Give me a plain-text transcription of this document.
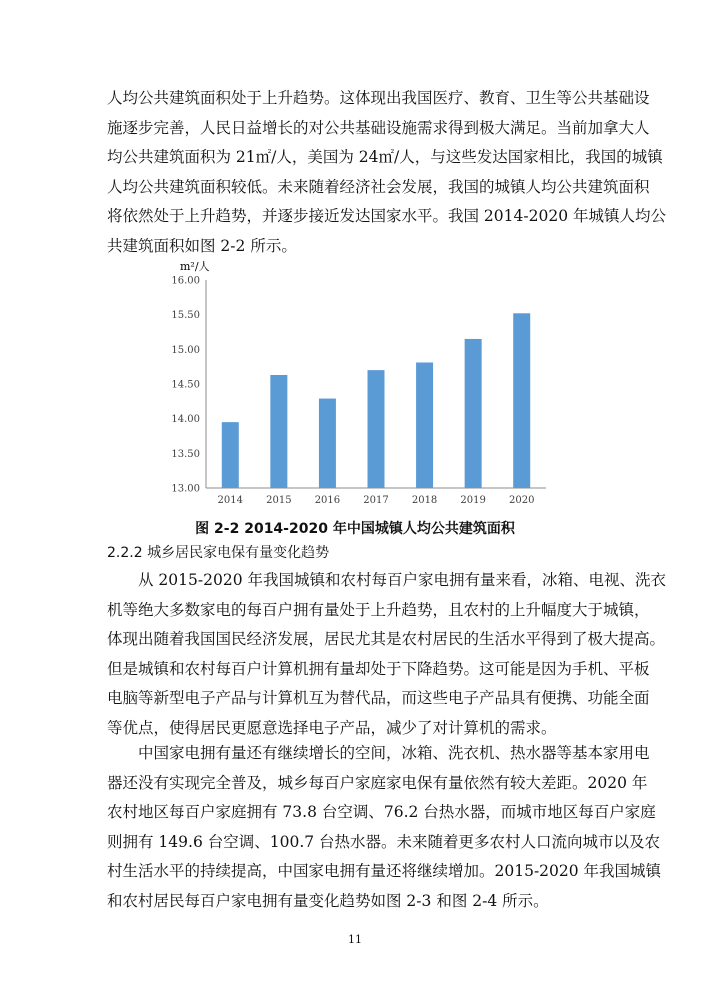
人均公共建筑面积处于上升趋势。这体现出我国医疗、教育、卫生等公共基础设
施逐步完善，人民日益增长的对公共基础设施需求得到极大满足。当前加拿大人
均公共建筑面积为 21㎡/人，美国为 24㎡/人，与这些发达国家相比，我国的城镇
人均公共建筑面积较低。未来随着经济社会发展，我国的城镇人均公共建筑面积
将依然处于上升趋势，并逐步接近发达国家水平。我国 2014-2020 年城镇人均公
共建筑面积如图 2-2 所示。
m²/人
13.00
13.50
14.00
14.50
15.00
15.50
16.00
2014 2015 2016 2017 2018 2019 2020
图 2-2 2014-2020 年中国城镇人均公共建筑面积
2.2.2 城乡居民家电保有量变化趋势
从 2015-2020 年我国城镇和农村每百户家电拥有量来看，冰箱、电视、洗衣
机等绝大多数家电的每百户拥有量处于上升趋势，且农村的上升幅度大于城镇，
体现出随着我国国民经济发展，居民尤其是农村居民的生活水平得到了极大提高。
但是城镇和农村每百户计算机拥有量却处于下降趋势。这可能是因为手机、平板
电脑等新型电子产品与计算机互为替代品，而这些电子产品具有便携、功能全面
等优点，使得居民更愿意选择电子产品，减少了对计算机的需求。
中国家电拥有量还有继续增长的空间，冰箱、洗衣机、热水器等基本家用电
器还没有实现完全普及，城乡每百户家庭家电保有量依然有较大差距。2020 年
农村地区每百户家庭拥有 73.8 台空调、76.2 台热水器，而城市地区每百户家庭
则拥有 149.6 台空调、100.7 台热水器。未来随着更多农村人口流向城市以及农
村生活水平的持续提高，中国家电拥有量还将继续增加。2015-2020 年我国城镇
和农村居民每百户家电拥有量变化趋势如图 2-3 和图 2-4 所示。
11
